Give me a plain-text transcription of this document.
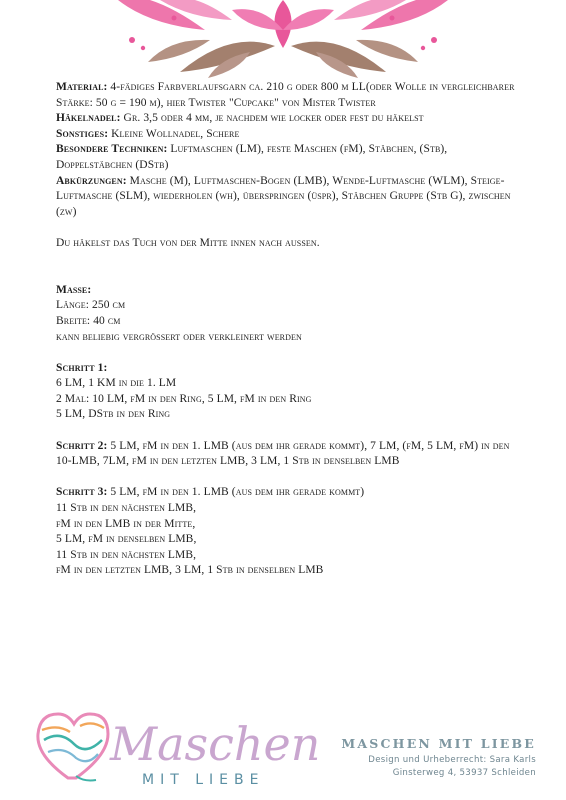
Material: 4-fädiges Farbverlaufsgarn ca. 210 g oder 800 m LL(oder Wolle in vergleichbarer Stärke: 50 g = 190 m), hier Twister "Cupcake" von Mister Twister

Häkelnadel: Gr. 3,5 oder 4 mm, je nachdem wie locker oder fest du häkelst

Sonstiges: Kleine Wollnadel, Schere

Besondere Techniken: Luftmaschen (LM), feste Maschen (fM), Stäbchen, (Stb), Doppelstäbchen (DStb)

Abkürzungen: Masche (M), Luftmaschen-Bogen (LMB), Wende-Luftmasche (WLM), Steige-Luftmasche (SLM), wiederholen (wh), überspringen (üspr), Stäbchen Gruppe (Stb G), zwischen (zw)

Du häkelst das Tuch von der Mitte innen nach aussen.

Masse:

Länge: 250 cm

Breite: 40 cm

kann beliebig vergrössert oder verkleinert werden

Schritt 1:

6 LM, 1 KM in die 1. LM

2 Mal: 10 LM, fM in den Ring, 5 LM, fM in den Ring

5 LM, DStb in den Ring

Schritt 2: 5 LM, fM in den 1. LMB (aus dem ihr gerade kommt), 7 LM, (fM, 5 LM, fM) in den 10-LMB, 7LM, fM in den letzten LMB, 3 LM, 1 Stb in denselben LMB

Schritt 3: 5 LM, fM in den 1. LMB (aus dem ihr gerade kommt)

11 Stb in den nächsten LMB,

fM in den LMB in der Mitte,

5 LM, fM in denselben LMB,

11 Stb in den nächsten LMB,

fM in den letzten LMB, 3 LM, 1 Stb in denselben LMB

Maschen
MIT LIEBE
MASCHEN MIT LIEBE
Design und Urheberrecht: Sara Karls
Ginsterweg 4, 53937 Schleiden
